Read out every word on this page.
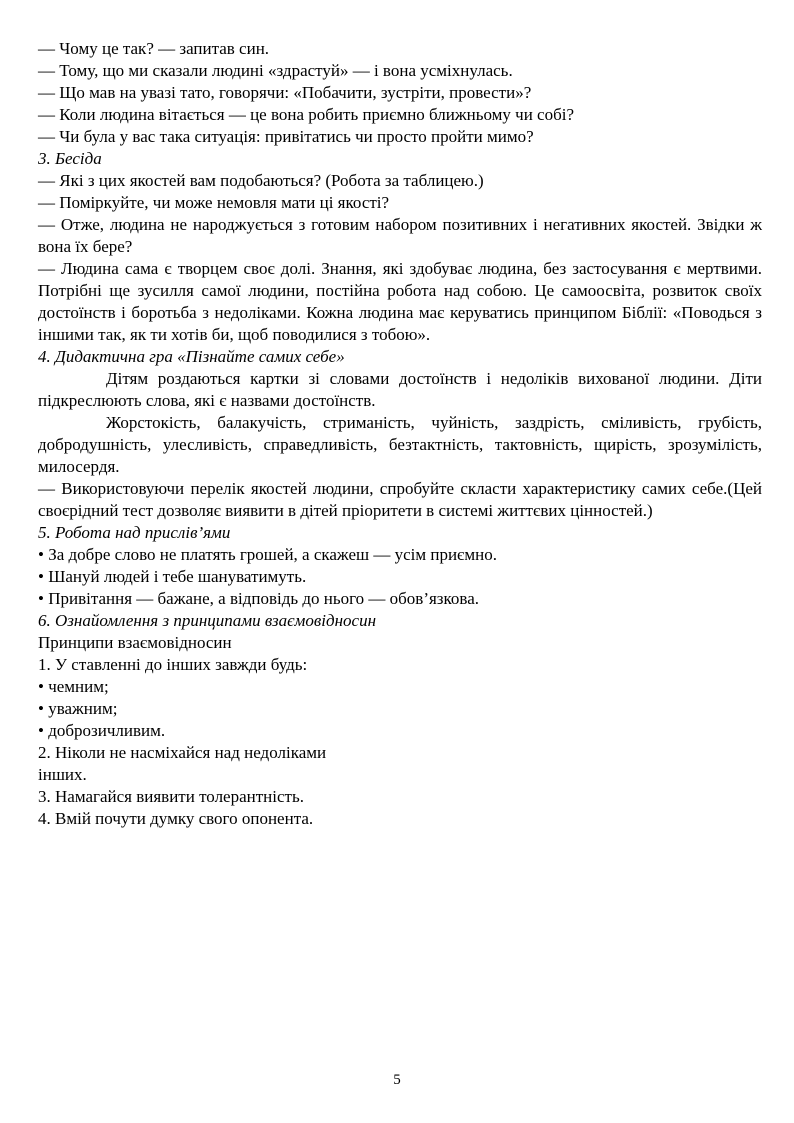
— Чому це так? — запитав син.

— Тому, що ми сказали людині «здрастуй» — і вона усміхнулась.

— Що мав на увазі тато, говорячи: «Побачити, зустріти, провести»?

— Коли людина вітається — це вона робить приємно ближньому чи собі?

— Чи була у вас така ситуація: привітатись чи просто пройти мимо?

3. Бесіда

— Які з цих якостей вам подобаються? (Робота за таблицею.)

— Поміркуйте, чи може немовля мати ці якості?

— Отже, людина не народжується з готовим набором позитивних і негативних якостей. Звідки ж вона їх бере?

— Людина сама є творцем своє долі. Знання, які здобуває людина, без застосування є мертвими. Потрібні ще зусилля самої людини, постійна робота над собою. Це самоосвіта, розвиток своїх достоїнств і боротьба з недоліками. Кожна людина має керуватись принципом Біблії: «Поводься з іншими так, як ти хотів би, щоб поводилися з тобою».

4. Дидактична гра «Пізнайте самих себе»

Дітям роздаються картки зі словами достоїнств і недоліків вихованої людини. Діти підкреслюють слова, які є назвами достоїнств.

Жорстокість, балакучість, стриманість, чуйність, заздрість, сміливість, грубість, добродушність, улесливість, справедливість, безтактність, тактовність, щирість, зрозумілість, милосердя.

— Використовуючи перелік якостей людини, спробуйте скласти характеристику самих себе.(Цей своєрідний тест дозволяє виявити в дітей пріоритети в системі життєвих цінностей.)

5. Робота над прислів’ями

• За добре слово не платять грошей, а скажеш — усім приємно.

• Шануй людей і тебе шануватимуть.

• Привітання — бажане, а відповідь до нього — обов’язкова.

6. Ознайомлення з принципами взаємовідносин

Принципи взаємовідносин

1. У ставленні до інших завжди будь:

• чемним;

• уважним;

• доброзичливим.

2. Ніколи не насміхайся над недоліками

інших.

3. Намагайся виявити толерантність.

4. Вмій почути думку свого опонента.

5
